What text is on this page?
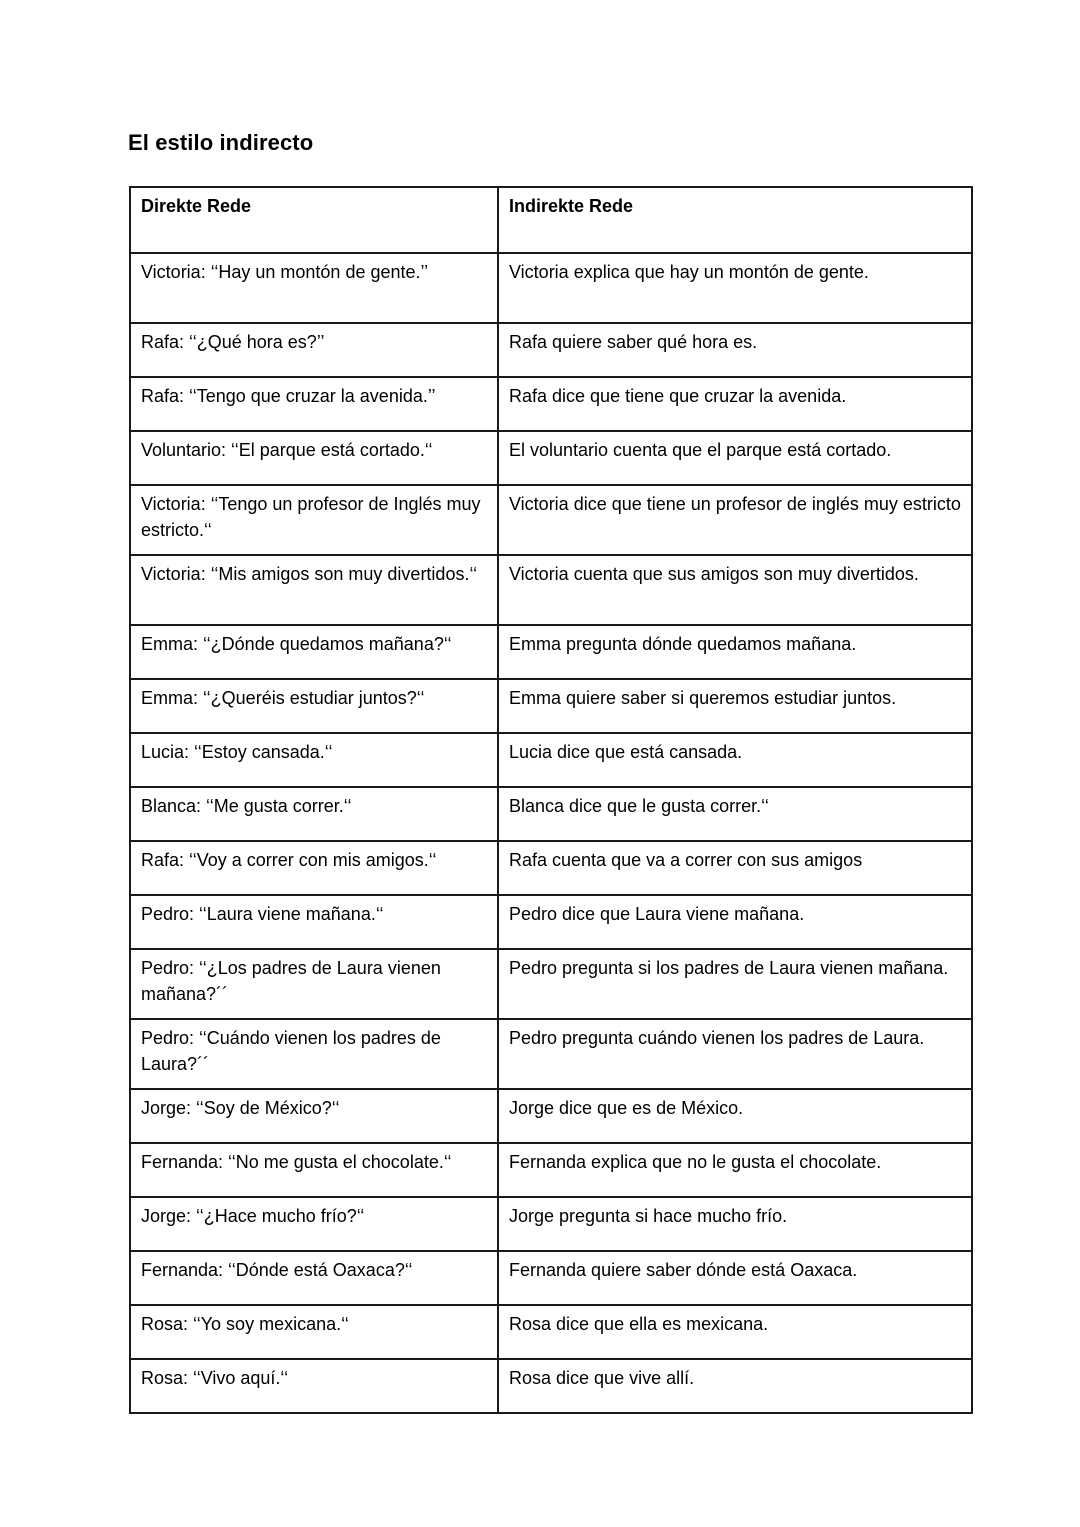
El estilo indirecto
Direkte Rede	Indirekte Rede
Victoria: ‘‘Hay un montón de gente.’’	Victoria explica que hay un montón de gente.
Rafa: ‘‘¿Qué hora es?’’	Rafa quiere saber qué hora es.
Rafa: ‘‘Tengo que cruzar la avenida.’’	Rafa dice que tiene que cruzar la avenida.
Voluntario: ‘‘El parque está cortado.‘‘	El voluntario cuenta que el parque está cortado.
Victoria: ‘‘Tengo un profesor de Inglés muy estricto.‘‘	Victoria dice que tiene un profesor de inglés muy estricto
Victoria: ‘‘Mis amigos son muy divertidos.‘‘	Victoria cuenta que sus amigos son muy divertidos.
Emma: ‘‘¿Dónde quedamos mañana?‘‘	Emma pregunta dónde quedamos mañana.
Emma: ‘‘¿Queréis estudiar juntos?‘‘	Emma quiere saber si queremos estudiar juntos.
Lucia: ‘‘Estoy cansada.‘‘	Lucia dice que está cansada.
Blanca: ‘‘Me gusta correr.‘‘	Blanca dice que le gusta correr.‘‘
Rafa: ‘‘Voy a correr con mis amigos.‘‘	Rafa cuenta que va a correr con sus amigos
Pedro: ‘‘Laura viene mañana.‘‘	Pedro dice que Laura viene mañana.
Pedro: ‘‘¿Los padres de Laura vienen mañana?´´	Pedro pregunta si los padres de Laura vienen mañana.
Pedro: ‘‘Cuándo vienen los padres de Laura?´´	Pedro pregunta cuándo vienen los padres de Laura.
Jorge: ‘‘Soy de México?‘‘	Jorge dice que es de México.
Fernanda: ‘‘No me gusta el chocolate.‘‘	Fernanda explica que no le gusta el chocolate.
Jorge: ‘‘¿Hace mucho frío?‘‘	Jorge pregunta si hace mucho frío.
Fernanda: ‘‘Dónde está Oaxaca?‘‘	Fernanda quiere saber dónde está Oaxaca.
Rosa: ‘‘Yo soy mexicana.‘‘	Rosa dice que ella es mexicana.
Rosa: ‘‘Vivo aquí.‘‘	Rosa dice que vive allí.
